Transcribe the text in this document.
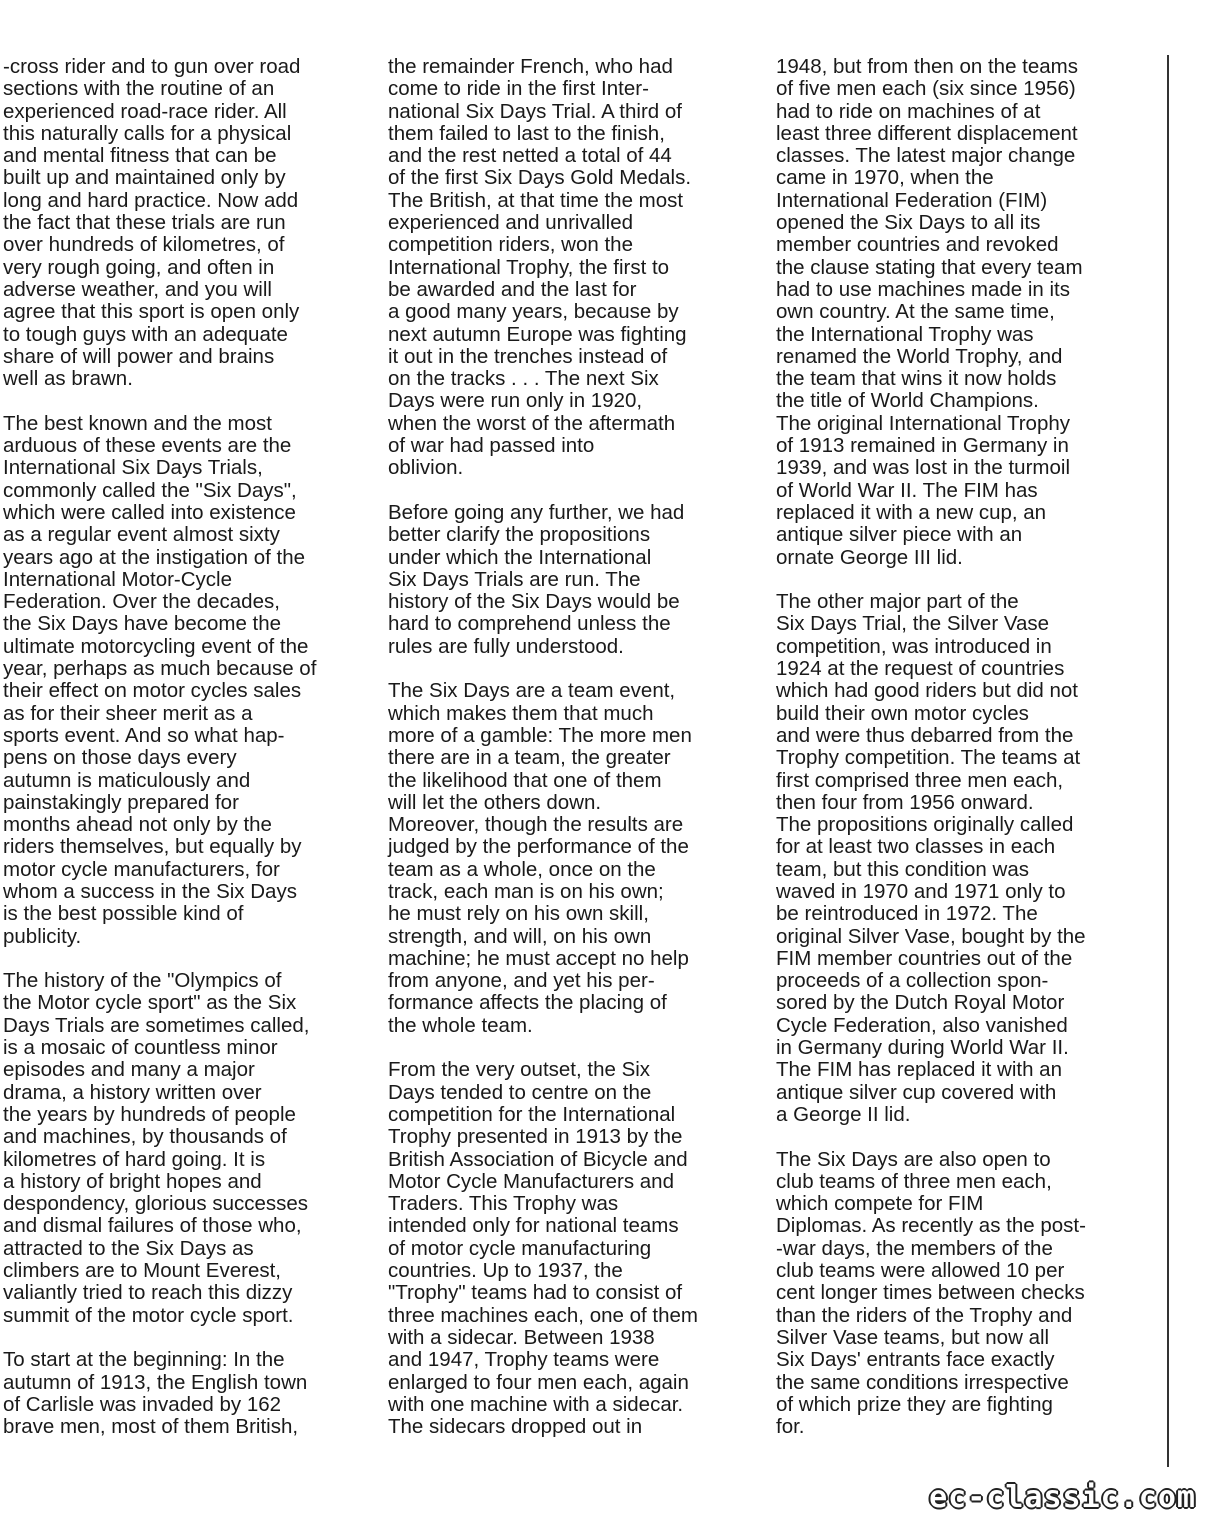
-cross rider and to gun over road
sections with the routine of an
experienced road-race rider. All
this naturally calls for a physical
and mental fitness that can be
built up and maintained only by
long and hard practice. Now add
the fact that these trials are run
over hundreds of kilometres, of
very rough going, and often in
adverse weather, and you will
agree that this sport is open only
to tough guys with an adequate
share of will power and brains
well as brawn.
The best known and the most
arduous of these events are the
International Six Days Trials,
commonly called the "Six Days",
which were called into existence
as a regular event almost sixty
years ago at the instigation of the
International Motor-Cycle
Federation. Over the decades,
the Six Days have become the
ultimate motorcycling event of the
year, perhaps as much because of
their effect on motor cycles sales
as for their sheer merit as a
sports event. And so what hap-
pens on those days every
autumn is maticulously and
painstakingly prepared for
months ahead not only by the
riders themselves, but equally by
motor cycle manufacturers, for
whom a success in the Six Days
is the best possible kind of
publicity.
The history of the "Olympics of
the Motor cycle sport" as the Six
Days Trials are sometimes called,
is a mosaic of countless minor
episodes and many a major
drama, a history written over
the years by hundreds of people
and machines, by thousands of
kilometres of hard going. It is
a history of bright hopes and
despondency, glorious successes
and dismal failures of those who,
attracted to the Six Days as
climbers are to Mount Everest,
valiantly tried to reach this dizzy
summit of the motor cycle sport.
To start at the beginning: In the
autumn of 1913, the English town
of Carlisle was invaded by 162
brave men, most of them British,
the remainder French, who had
come to ride in the first Inter-
national Six Days Trial. A third of
them failed to last to the finish,
and the rest netted a total of 44
of the first Six Days Gold Medals.
The British, at that time the most
experienced and unrivalled
competition riders, won the
International Trophy, the first to
be awarded and the last for
a good many years, because by
next autumn Europe was fighting
it out in the trenches instead of
on the tracks . . . The next Six
Days were run only in 1920,
when the worst of the aftermath
of war had passed into
oblivion.
Before going any further, we had
better clarify the propositions
under which the International
Six Days Trials are run. The
history of the Six Days would be
hard to comprehend unless the
rules are fully understood.
The Six Days are a team event,
which makes them that much
more of a gamble: The more men
there are in a team, the greater
the likelihood that one of them
will let the others down.
Moreover, though the results are
judged by the performance of the
team as a whole, once on the
track, each man is on his own;
he must rely on his own skill,
strength, and will, on his own
machine; he must accept no help
from anyone, and yet his per-
formance affects the placing of
the whole team.
From the very outset, the Six
Days tended to centre on the
competition for the International
Trophy presented in 1913 by the
British Association of Bicycle and
Motor Cycle Manufacturers and
Traders. This Trophy was
intended only for national teams
of motor cycle manufacturing
countries. Up to 1937, the
"Trophy" teams had to consist of
three machines each, one of them
with a sidecar. Between 1938
and 1947, Trophy teams were
enlarged to four men each, again
with one machine with a sidecar.
The sidecars dropped out in
1948, but from then on the teams
of five men each (six since 1956)
had to ride on machines of at
least three different displacement
classes. The latest major change
came in 1970, when the
International Federation (FIM)
opened the Six Days to all its
member countries and revoked
the clause stating that every team
had to use machines made in its
own country. At the same time,
the International Trophy was
renamed the World Trophy, and
the team that wins it now holds
the title of World Champions.
The original International Trophy
of 1913 remained in Germany in
1939, and was lost in the turmoil
of World War II. The FIM has
replaced it with a new cup, an
antique silver piece with an
ornate George III lid.
The other major part of the
Six Days Trial, the Silver Vase
competition, was introduced in
1924 at the request of countries
which had good riders but did not
build their own motor cycles
and were thus debarred from the
Trophy competition. The teams at
first comprised three men each,
then four from 1956 onward.
The propositions originally called
for at least two classes in each
team, but this condition was
waved in 1970 and 1971 only to
be reintroduced in 1972. The
original Silver Vase, bought by the
FIM member countries out of the
proceeds of a collection spon-
sored by the Dutch Royal Motor
Cycle Federation, also vanished
in Germany during World War II.
The FIM has replaced it with an
antique silver cup covered with
a George II lid.
The Six Days are also open to
club teams of three men each,
which compete for FIM
Diplomas. As recently as the post-
-war days, the members of the
club teams were allowed 10 per
cent longer times between checks
than the riders of the Trophy and
Silver Vase teams, but now all
Six Days' entrants face exactly
the same conditions irrespective
of which prize they are fighting
for.
ec-classic.com
